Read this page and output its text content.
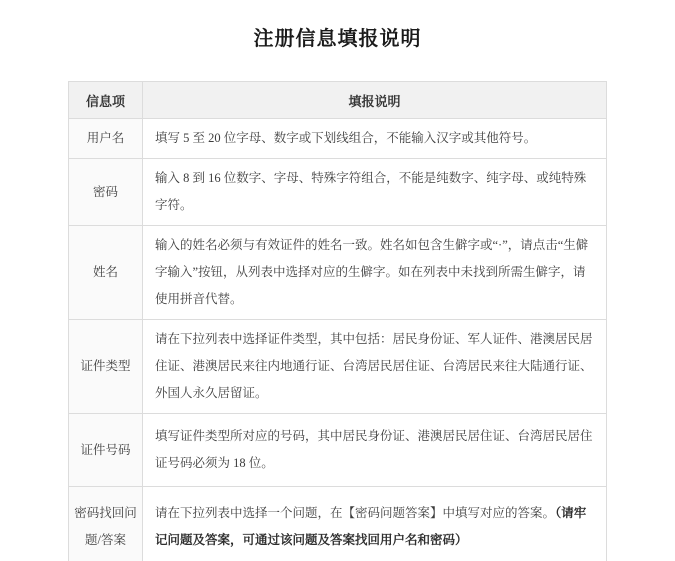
注册信息填报说明
信息项	填报说明
用户名	填写 5 至 20 位字母、数字或下划线组合，不能输入汉字或其他符号。
密码	输入 8 到 16 位数字、字母、特殊字符组合，不能是纯数字、纯字母、或纯特殊字符。
姓名	输入的姓名必须与有效证件的姓名一致。姓名如包含生僻字或“·”，请点击“生僻字输入”按钮，从列表中选择对应的生僻字。如在列表中未找到所需生僻字，请使用拼音代替。
证件类型	请在下拉列表中选择证件类型，其中包括：居民身份证、军人证件、港澳居民居住证、港澳居民来往内地通行证、台湾居民居住证、台湾居民来往大陆通行证、外国人永久居留证。
证件号码	填写证件类型所对应的号码，其中居民身份证、港澳居民居住证、台湾居民居住证号码必须为 18 位。
密码找回问题/答案	请在下拉列表中选择一个问题，在【密码问题答案】中填写对应的答案。（请牢记问题及答案，可通过该问题及答案找回用户名和密码）
